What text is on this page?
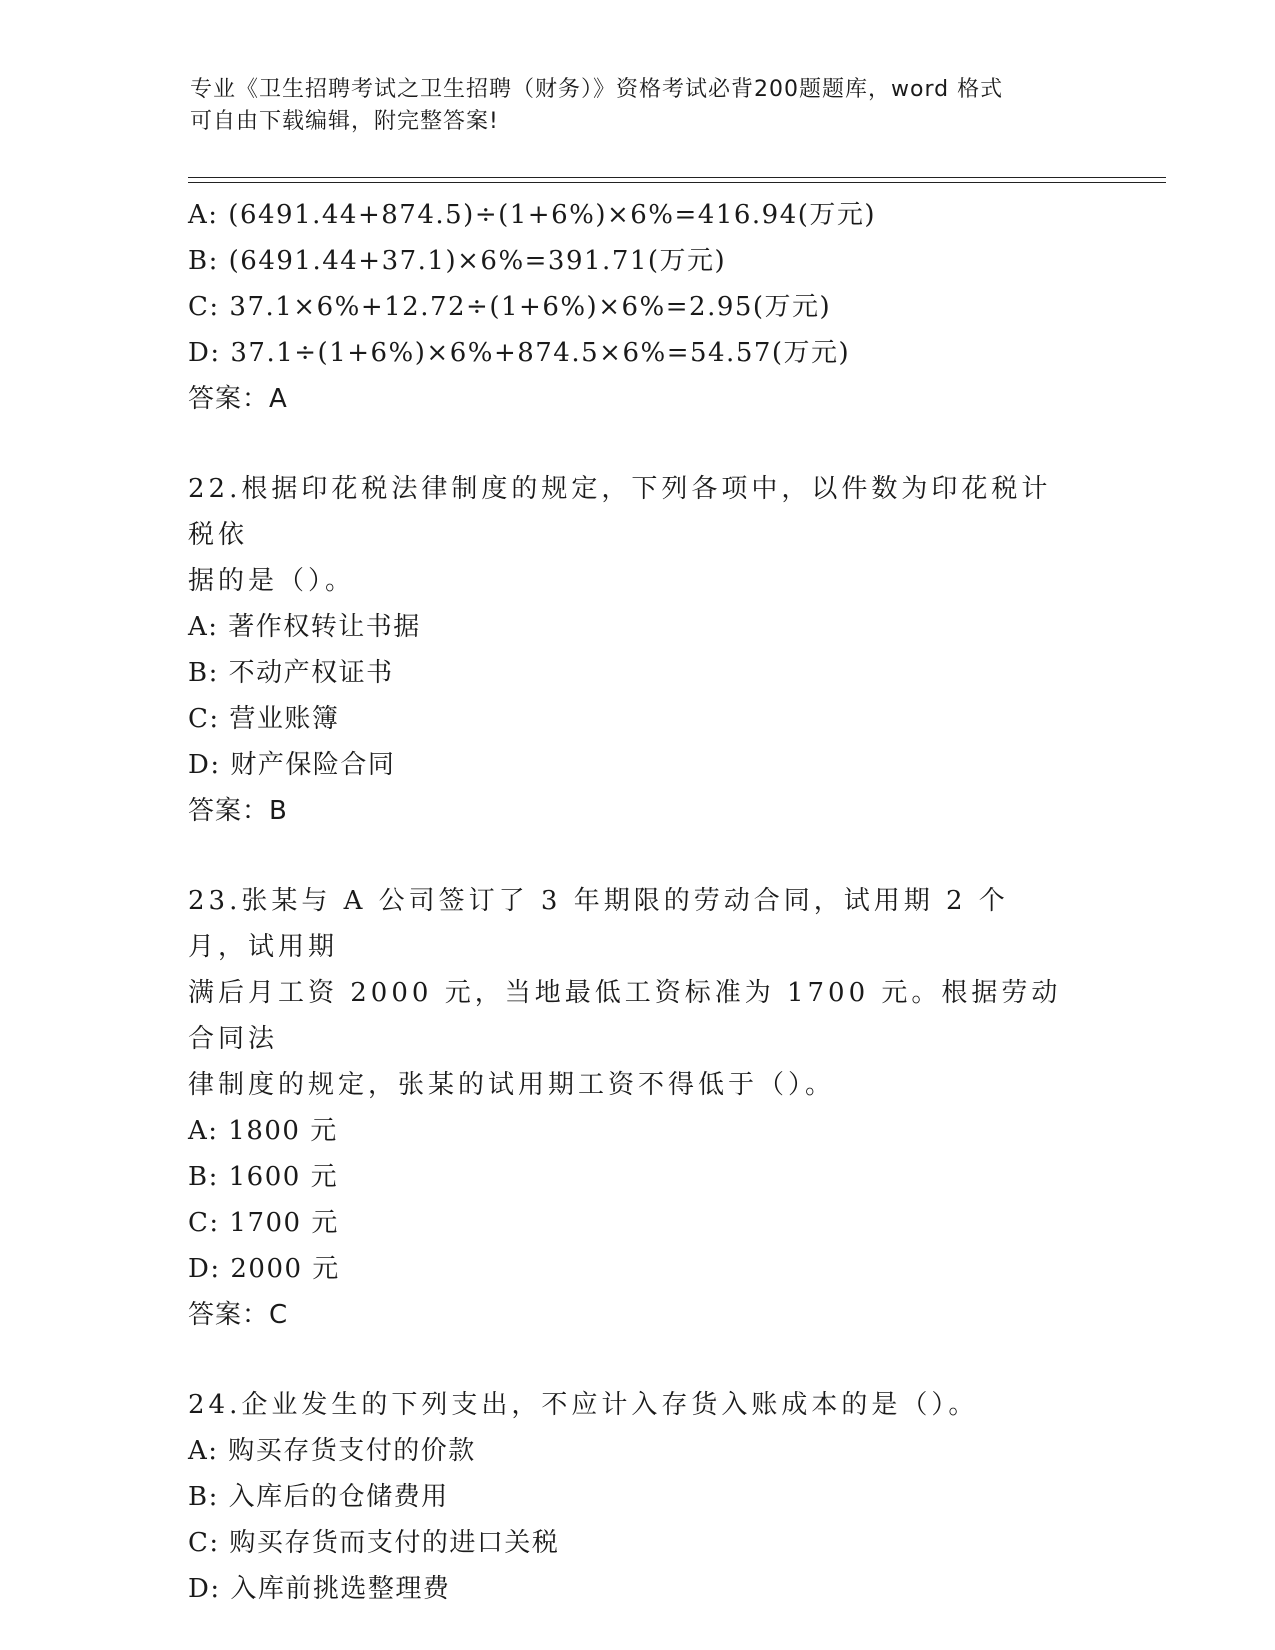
专业《卫生招聘考试之卫生招聘（财务）》资格考试必背200题题库，word 格式
可自由下载编辑，附完整答案!
A: (6491.44+874.5)÷(1+6%)×6%=416.94(万元)
B: (6491.44+37.1)×6%=391.71(万元)
C: 37.1×6%+12.72÷(1+6%)×6%=2.95(万元)
D: 37.1÷(1+6%)×6%+874.5×6%=54.57(万元)
答案：A
22.根据印花税法律制度的规定，下列各项中，以件数为印花税计税依
据的是（）。
A: 著作权转让书据
B: 不动产权证书
C: 营业账簿
D: 财产保险合同
答案：B
23.张某与 A 公司签订了 3 年期限的劳动合同，试用期 2 个月，试用期
满后月工资 2000 元，当地最低工资标准为 1700 元。根据劳动合同法
律制度的规定，张某的试用期工资不得低于（）。
A: 1800 元
B: 1600 元
C: 1700 元
D: 2000 元
答案：C
24.企业发生的下列支出，不应计入存货入账成本的是（）。
A: 购买存货支付的价款
B: 入库后的仓储费用
C: 购买存货而支付的进口关税
D: 入库前挑选整理费
